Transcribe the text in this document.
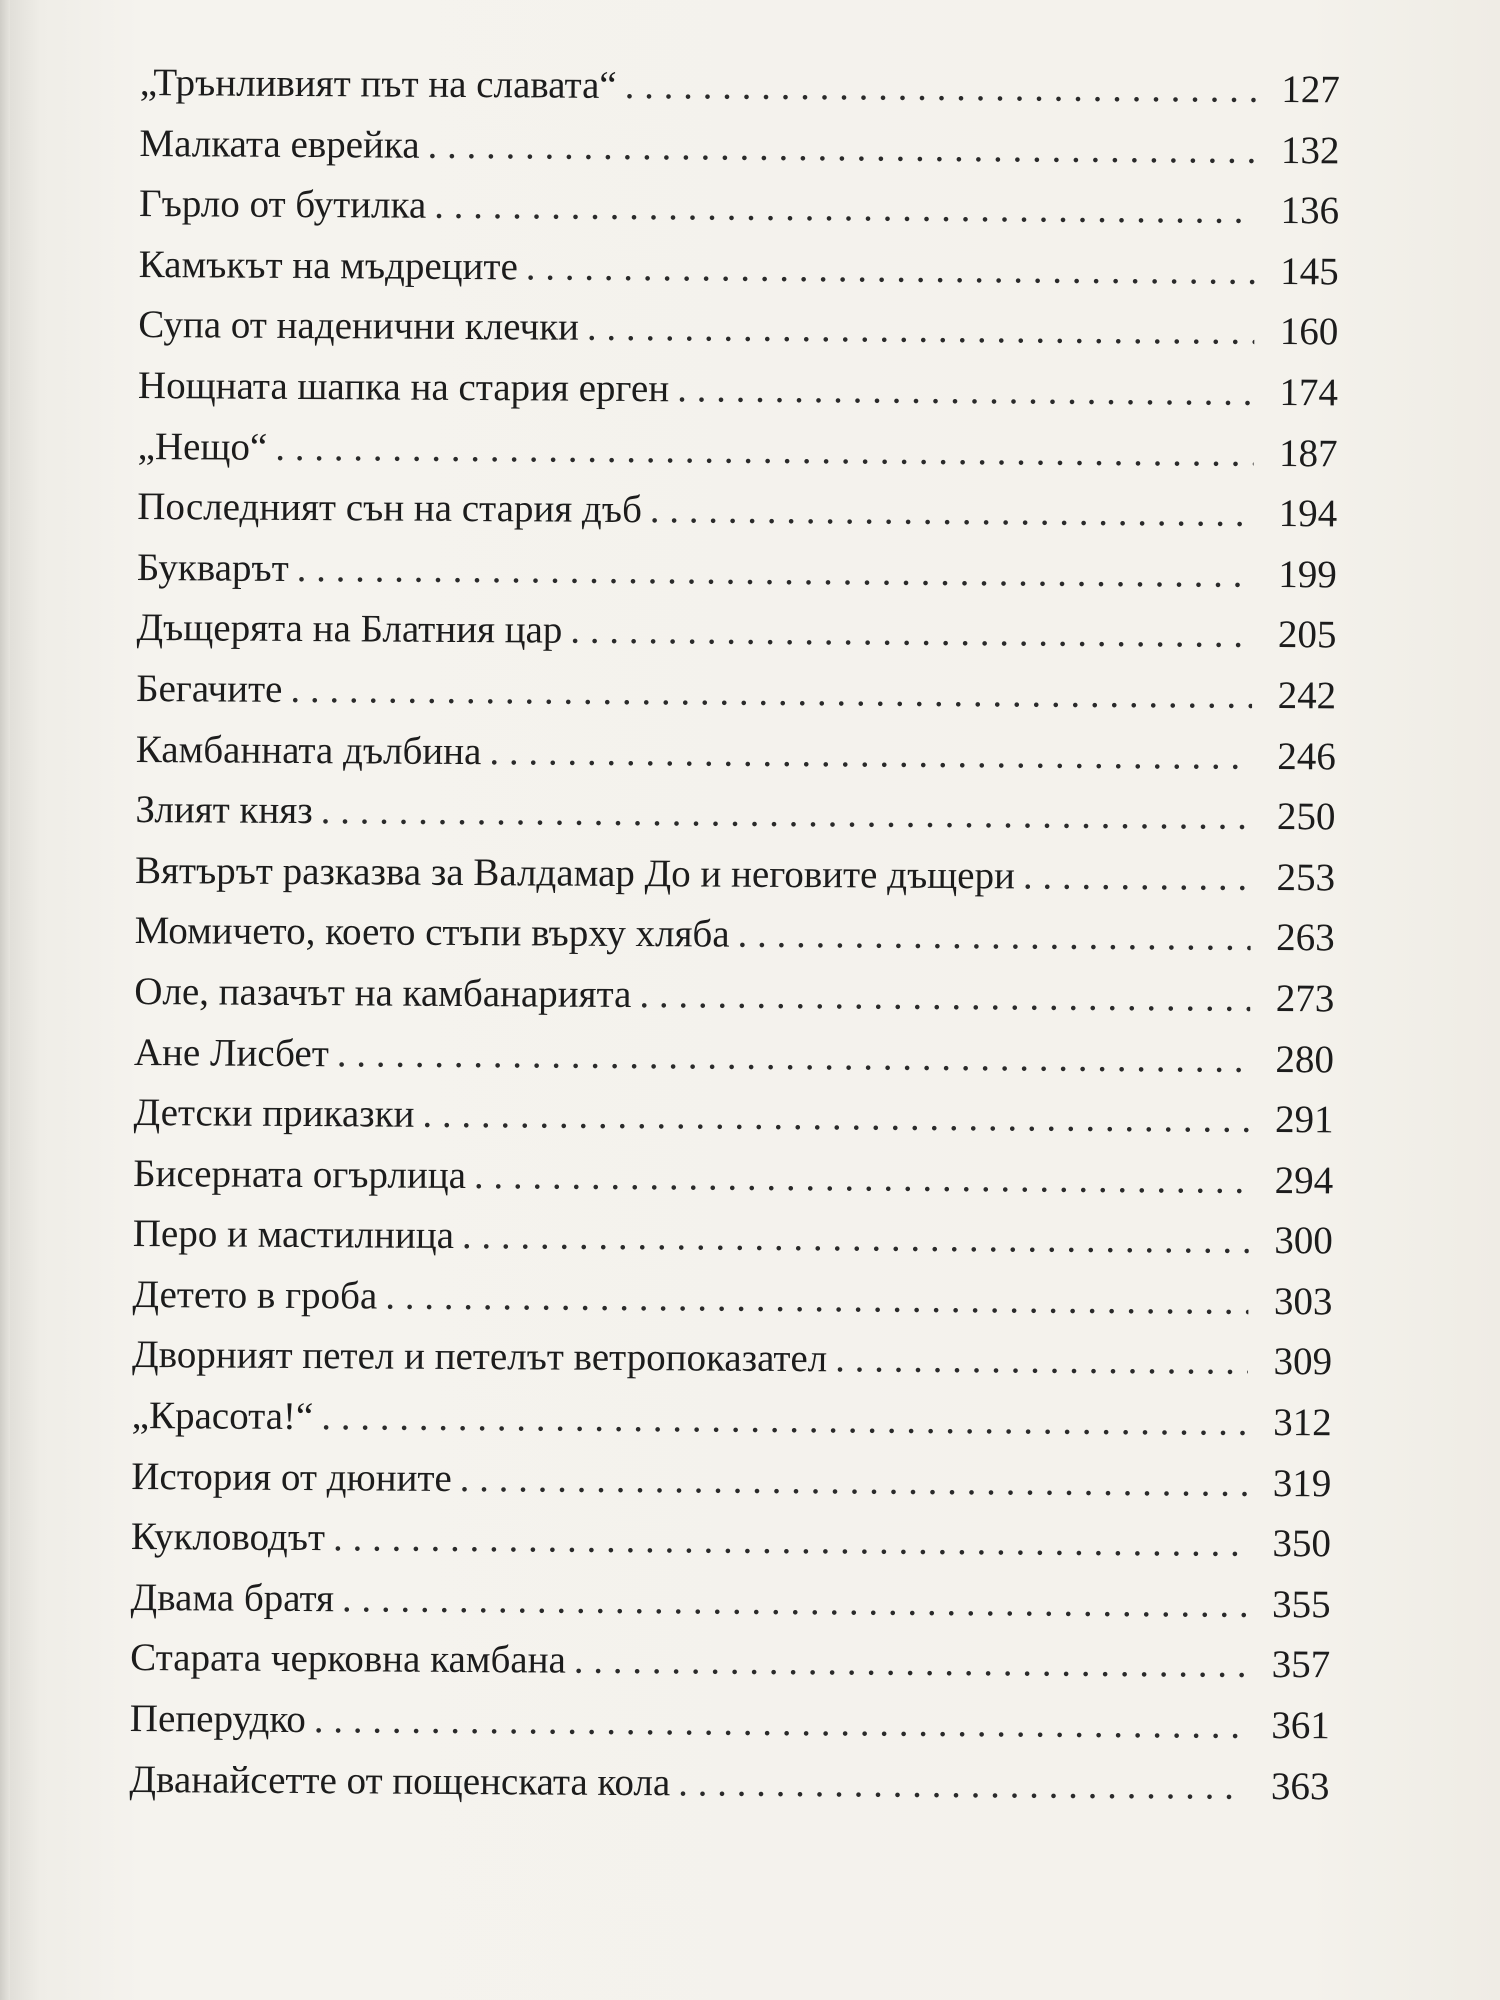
„Трънливият път на славата“ . . .	127
Малката еврейка . . .	132
Гърло от бутилка . . .	136
Камъкът на мъдреците . . .	145
Супа от наденични клечки . . .	160
Нощната шапка на стария ерген . . .	174
„Нещо“ . . .	187
Последният сън на стария дъб . . .	194
Букварът . . .	199
Дъщерята на Блатния цар . . .	205
Бегачите . . .	242
Камбанната дълбина . . .	246
Злият княз . . .	250
Вятърът разказва за Валдамар До и неговите дъщери . . .	253
Момичето, което стъпи върху хляба . . .	263
Оле, пазачът на камбанарията . . .	273
Ане Лисбет . . .	280
Детски приказки . . .	291
Бисерната огърлица . . .	294
Перо и мастилница . . .	300
Детето в гроба . . .	303
Дворният петел и петелът ветропоказател . . .	309
„Красота!“ . . .	312
История от дюните . . .	319
Кукловодът . . .	350
Двама братя . . .	355
Старата черковна камбана . . .	357
Пеперудко . . .	361
Дванайсетте от пощенската кола . . .	363
